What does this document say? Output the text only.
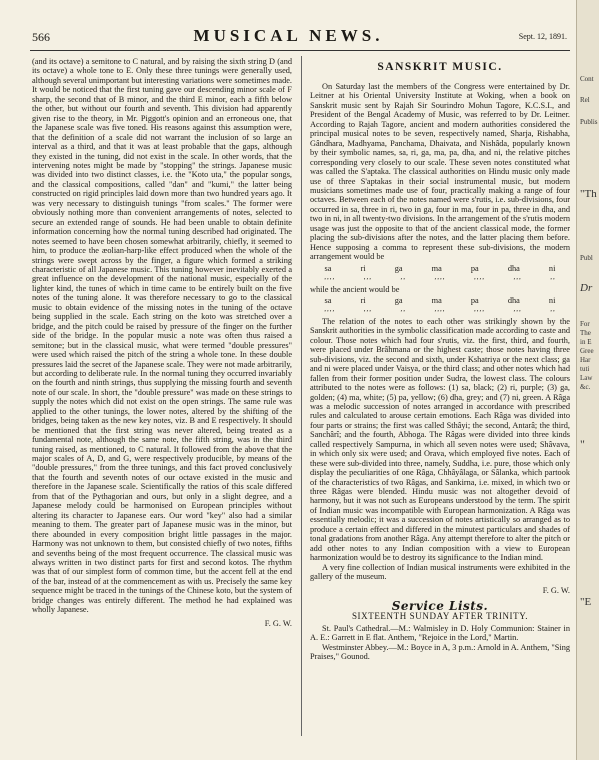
566	MUSICAL NEWS.	Sept. 12, 1891.

(and its octave) a semitone to C natural, and by raising the sixth string D (and its octave) a whole tone to E. Only these three tunings were generally used, although several unimportant but interesting variations were sometimes made. It would be noticed that the first tuning gave our descending minor scale of F sharp, the second that of B minor, and the third E minor, each a fifth below the other, but without our fourth and seventh. This division had apparently given rise to the theory, in Mr. Piggott's opinion and an erroneous one, that the Japanese scale was five toned. His reasons against this assumption were, that the definition of a scale did not warrant the inclusion of so large an interval as a third, and that it was at least probable that the gaps, although they existed in the tuning, did not exist in the scale. In other words, that the intervening notes might be made by "stopping" the strings. Japanese music was divided into two distinct classes, i.e. the "Koto uta," the popular songs, and the classical compositions, called "dan" and "kumi," the latter being constructed on rigid principles laid down more than two hundred years ago. It was very necessary to distinguish tunings "from scales." The former were obviously nothing more than convenient arrangements of notes, selected to secure an extended range of sounds. He had been unable to obtain definite information concerning how the normal tuning described had originated. The notes seemed to have been chosen somewhat arbitrarily, chiefly, it seemed to him, to produce the æolian-harp-like effect produced when the whole of the strings were swept across by the finger, a figure which formed a striking characteristic of all Japanese music. This tuning however inevitably exerted a great influence on the development of the national music, especially of the lighter kind, the tunes of which in time came to be entirely built on the five notes of the tuning alone. It was therefore necessary to go to the classical music to obtain evidence of the missing notes in the tuning of the octave being supplied in the scale. Each string on the koto was stretched over a bridge, and the pitch could be raised by pressure of the finger on the further side of the bridge. In the popular music a note was often thus raised a semitone; but in the classical music, what were termed "double pressures" were used which raised the pitch of the string a whole tone. In these double pressures laid the secret of the Japanese scale. They were not made arbitrarily, but according to deliberate rule. In the normal tuning they occurred invariably on the fourth and ninth strings, thus supplying the missing fourth and seventh note of our scale. In short, the "double pressure" was made on these strings to supply the notes which did not exist on the open strings. The same rule was applied to the other tunings, the lower notes, altered by the shifting of the bridges, being taken as the new key notes, viz. B and E respectively. It should be mentioned that the first string was never altered, being treated as a fundamental note, although the same note, the fifth string, was in the third tuning raised, as mentioned, to C natural. It followed from the above that the major scales of A, D, and G, were respectively producible, by means of the "double pressures," from the three tunings, and this fact proved conclusively that the fourth and seventh notes of our octave existed in the music and therefore in the Japanese scale. Scientifically the ratios of this scale differed from that of the Pythagorian and ours, but only in a slight degree, and a Japanese melody could be harmonised on European principles without altering its character to Japanese ears. Our word "key" also had a similar meaning to them. The greater part of Japanese music was in the minor, but there abounded in every composition bright little passages in the major. Harmony was not unknown to them, but consisted chiefly of two notes, fifths and sevenths being of the most frequent occurrence. The classical music was always written in two distinct parts for first and second kotos. The rhythm was that of our simplest form of common time, but the accent fell at the end of the bar, instead of at the commencement as with us. Precisely the same key sequence might be traced in the tunings of the Chinese koto, but the system of bridge changes was entirely different. The method he had explained was wholly Japanese.

F. G. W.
SANSKRIT MUSIC.

On Saturday last the members of the Congress were entertained by Dr. Leitner at his Oriental University Institute at Woking, when a book on Sanskrit music sent by Rajah Sir Sourindro Mohun Tagore, K.C.S.I., and President of the Bengal Academy of Music, was referred to by Dr. Leitner. According to Rajah Tagore, ancient and modern authorities considered the principal musical notes to be seven, respectively named, Sharja, Rishabha, Gândhara, Madhyama, Panchama, Dhaivata, and Nishâda, popularly known by their symbolic names, sa, ri, ga, ma, pa, dha, and ni, the relative pitches corresponding very closely to our scale. These seven notes constituted what was called the S'aptaka. The classical authorities on Hindu music only made use of three S'aptakas in their social instrumental music, but modern musicians sometimes made use of four, practically making a range of four octaves. Between each of the notes named were s'rutis, i.e. sub-divisions, four occurred in sa, three in ri, two in ga, four in ma, four in pa, three in dha, and two in ni, in all twenty-two divisions. In the arrangement of the s'rutis modern usage was just the opposite to that of the ancient classical mode, the former placing the sub-divisions after the notes, and the latter placing them before. Hence supposing a comma to represent these sub-divisions, the modern arrangement would be

sa	ri	ga	ma	pa	dha	ni
,,,,	,,,	,,	,,,,	,,,,	,,,	,,

while the ancient would be

sa	ri	ga	ma	pa	dha	ni
,,,,	,,,	,,	,,,,	,,,,	,,,	,,

The relation of the notes to each other was strikingly shown by the Sanskrit authorities in the symbolic classification made according to caste and colour. Those notes which had four s'rutis, viz. the first, third, and fourth, were placed under Brâhmana or the highest caste; those notes having three sub-divisions, viz. the second and sixth, under Kshatriya or the next class; ga and ni were placed under Vaisya, or the third class; and other notes which had fallen from their former position under Sudra, the lowest class. The colours attributed to the notes were as follows: (1) sa, black; (2) ri, purple; (3) ga, golden; (4) ma, white; (5) pa, yellow; (6) dha, grey; and (7) ni, green. A Râga was a melodic succession of notes arranged in accordance with prescribed rules and calculated to arouse certain emotions. Each Râga was divided into four parts or strains; the first was called Sthâyi; the second, Antarâ; the third, Sanchârî; and the fourth, Abhoga. The Râgas were divided into three kinds called respectively Sampurna, in which all seven notes were used; Shâvava, in which only six were used; and Orava, which employed five notes. Each of these were sub-divided into three, namely, Suddha, i.e. pure, those which only display the peculiarities of one Râga, Chhâyâlaga, or Sâlanka, which partook of the characteristics of two Râgas, and Sankirna, i.e. mixed, in which two or three Râgas were blended. Hindu music was not altogether devoid of harmony, but it was not such as Europeans understood by the term. The spirit of Indian music was incompatible with European harmonization. A Râga was essentially melodic; it was a succession of notes artistically so arranged as to produce a certain effect and differed in the minutest particulars and shades of tonal gradations from another Râga. Any attempt therefore to alter the pitch or add other notes to any Indian composition with a view to European harmonization would be to destroy its significance to the Indian mind.

A very fine collection of Indian musical instruments were exhibited in the gallery of the museum.

F. G. W.
Service Lists.
SIXTEENTH SUNDAY AFTER TRINITY.

St. Paul's Cathedral.—M.: Walmisley in D. Holy Communion: Stainer in A. E.: Garrett in E flat. Anthem, "Rejoice in the Lord," Martin.

Westminster Abbey.—M.: Boyce in A, 3 p.m.: Arnold in A. Anthem, "Sing Praises," Gounod.

Cont
Rel
Publis
"Th
Publ
Dr
For
The
in E
Gree
Har
tuti
Law
&c.
"
"E
